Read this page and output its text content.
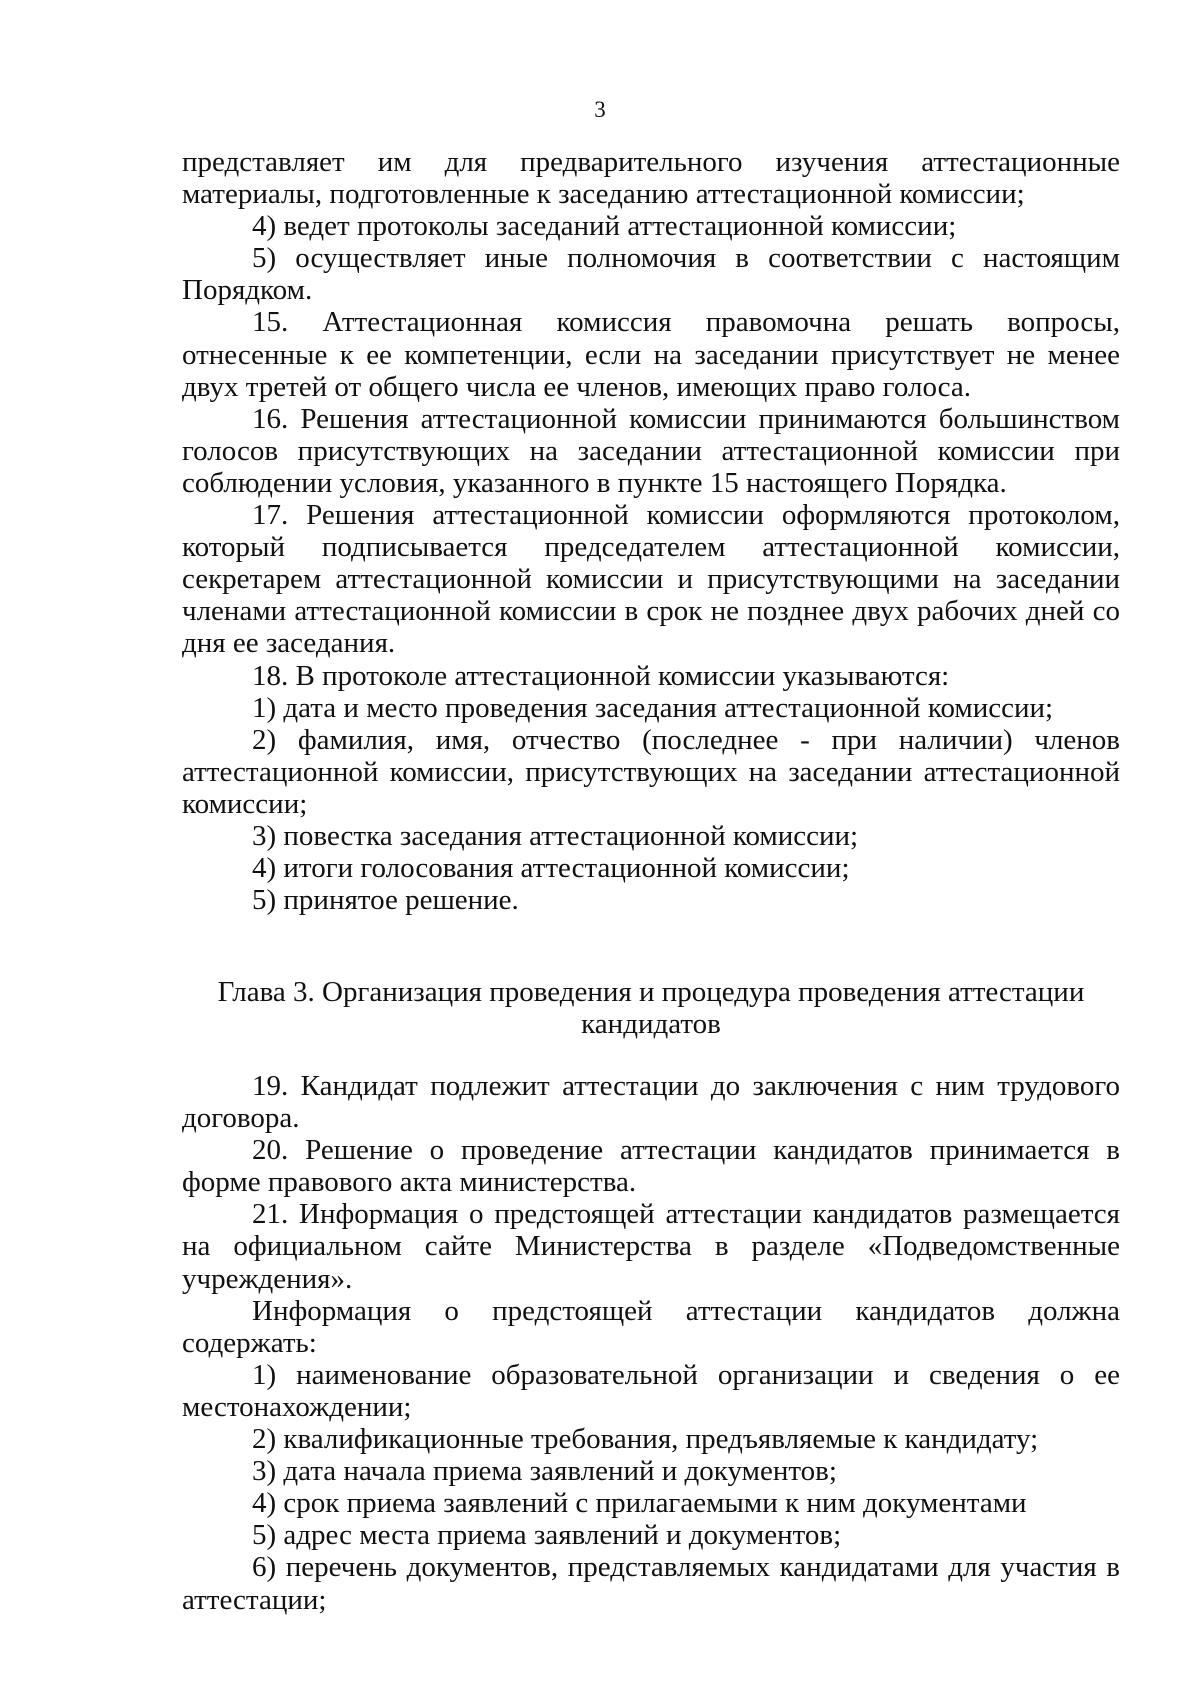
3

представляет им для предварительного изучения аттестационные материалы, подготовленные к заседанию аттестационной комиссии;

4) ведет протоколы заседаний аттестационной комиссии;

5) осуществляет иные полномочия в соответствии с настоящим Порядком.

15. Аттестационная комиссия правомочна решать вопросы, отнесенные к ее компетенции, если на заседании присутствует не менее двух третей от общего числа ее членов, имеющих право голоса.

16. Решения аттестационной комиссии принимаются большинством голосов присутствующих на заседании аттестационной комиссии при соблюдении условия, указанного в пункте 15 настоящего Порядка.

17. Решения аттестационной комиссии оформляются протоколом, который подписывается председателем аттестационной комиссии, секретарем аттестационной комиссии и присутствующими на заседании членами аттестационной комиссии в срок не позднее двух рабочих дней со дня ее заседания.

18. В протоколе аттестационной комиссии указываются:

1) дата и место проведения заседания аттестационной комиссии;

2) фамилия, имя, отчество (последнее - при наличии) членов аттестационной комиссии, присутствующих на заседании аттестационной комиссии;

3) повестка заседания аттестационной комиссии;

4) итоги голосования аттестационной комиссии;

5) принятое решение.

Глава 3. Организация проведения и процедура проведения аттестации

кандидатов

19. Кандидат подлежит аттестации до заключения с ним трудового договора.

20. Решение о проведение аттестации кандидатов принимается в форме правового акта министерства.

21. Информация о предстоящей аттестации кандидатов размещается на официальном сайте Министерства в разделе «Подведомственные учреждения».

Информация о предстоящей аттестации кандидатов должна содержать:

1) наименование образовательной организации и сведения о ее местонахождении;

2) квалификационные требования, предъявляемые к кандидату;

3) дата начала приема заявлений и документов;

4) срок приема заявлений с прилагаемыми к ним документами

5) адрес места приема заявлений и документов;

6) перечень документов, представляемых кандидатами для участия в аттестации;
